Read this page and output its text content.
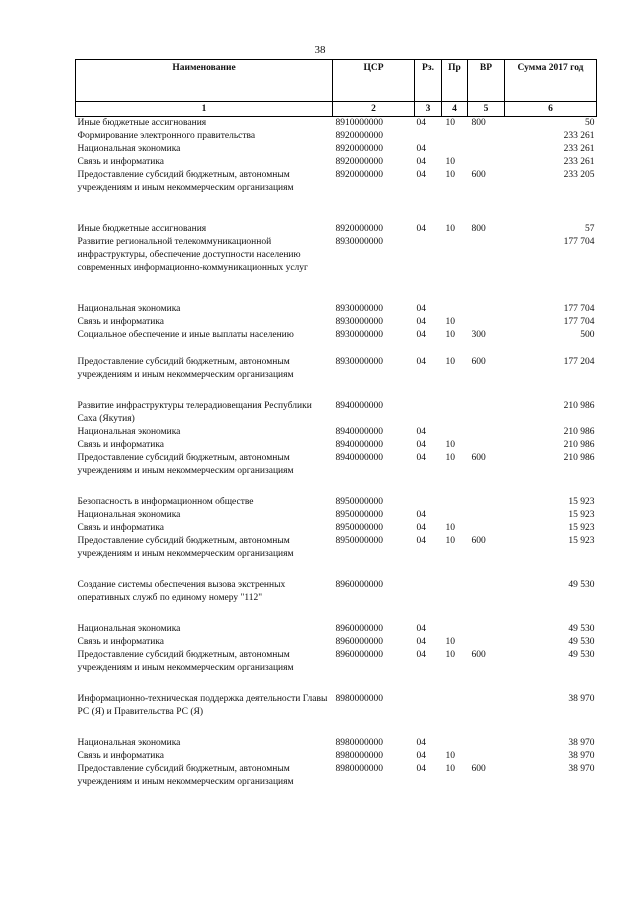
38
Наименование	ЦСР	Рз.	Пр	ВР	Сумма 2017 год
1	2	3	4	5	6
Иные бюджетные ассигнования	8910000000	04	10	800	50
Формирование электронного правительства	8920000000				233 261
Национальная экономика	8920000000	04			233 261
Связь и информатика	8920000000	04	10		233 261
Предоставление субсидий бюджетным, автономным учреждениям и иным некоммерческим организациям	8920000000	04	10	600	233 205
Иные бюджетные ассигнования	8920000000	04	10	800	57
Развитие региональной телекоммуникационной инфраструктуры, обеспечение доступности населению современных информационно-коммуникационных услуг	8930000000				177 704
Национальная экономика	8930000000	04			177 704
Связь и информатика	8930000000	04	10		177 704
Социальное обеспечение и иные выплаты населению	8930000000	04	10	300	500
Предоставление субсидий бюджетным, автономным учреждениям и иным некоммерческим организациям	8930000000	04	10	600	177 204
Развитие инфраструктуры телерадиовещания Республики Саха (Якутия)	8940000000				210 986
Национальная экономика	8940000000	04			210 986
Связь и информатика	8940000000	04	10		210 986
Предоставление субсидий бюджетным, автономным учреждениям и иным некоммерческим организациям	8940000000	04	10	600	210 986
Безопасность в информационном обществе	8950000000				15 923
Национальная экономика	8950000000	04			15 923
Связь и информатика	8950000000	04	10		15 923
Предоставление субсидий бюджетным, автономным учреждениям и иным некоммерческим организациям	8950000000	04	10	600	15 923
Создание системы обеспечения вызова экстренных оперативных служб по единому номеру "112"	8960000000				49 530
Национальная экономика	8960000000	04			49 530
Связь и информатика	8960000000	04	10		49 530
Предоставление субсидий бюджетным, автономным учреждениям и иным некоммерческим организациям	8960000000	04	10	600	49 530
Информационно-техническая поддержка деятельности Главы РС (Я) и Правительства РС (Я)	8980000000				38 970
Национальная экономика	8980000000	04			38 970
Связь и информатика	8980000000	04	10		38 970
Предоставление субсидий бюджетным, автономным учреждениям и иным некоммерческим организациям	8980000000	04	10	600	38 970
